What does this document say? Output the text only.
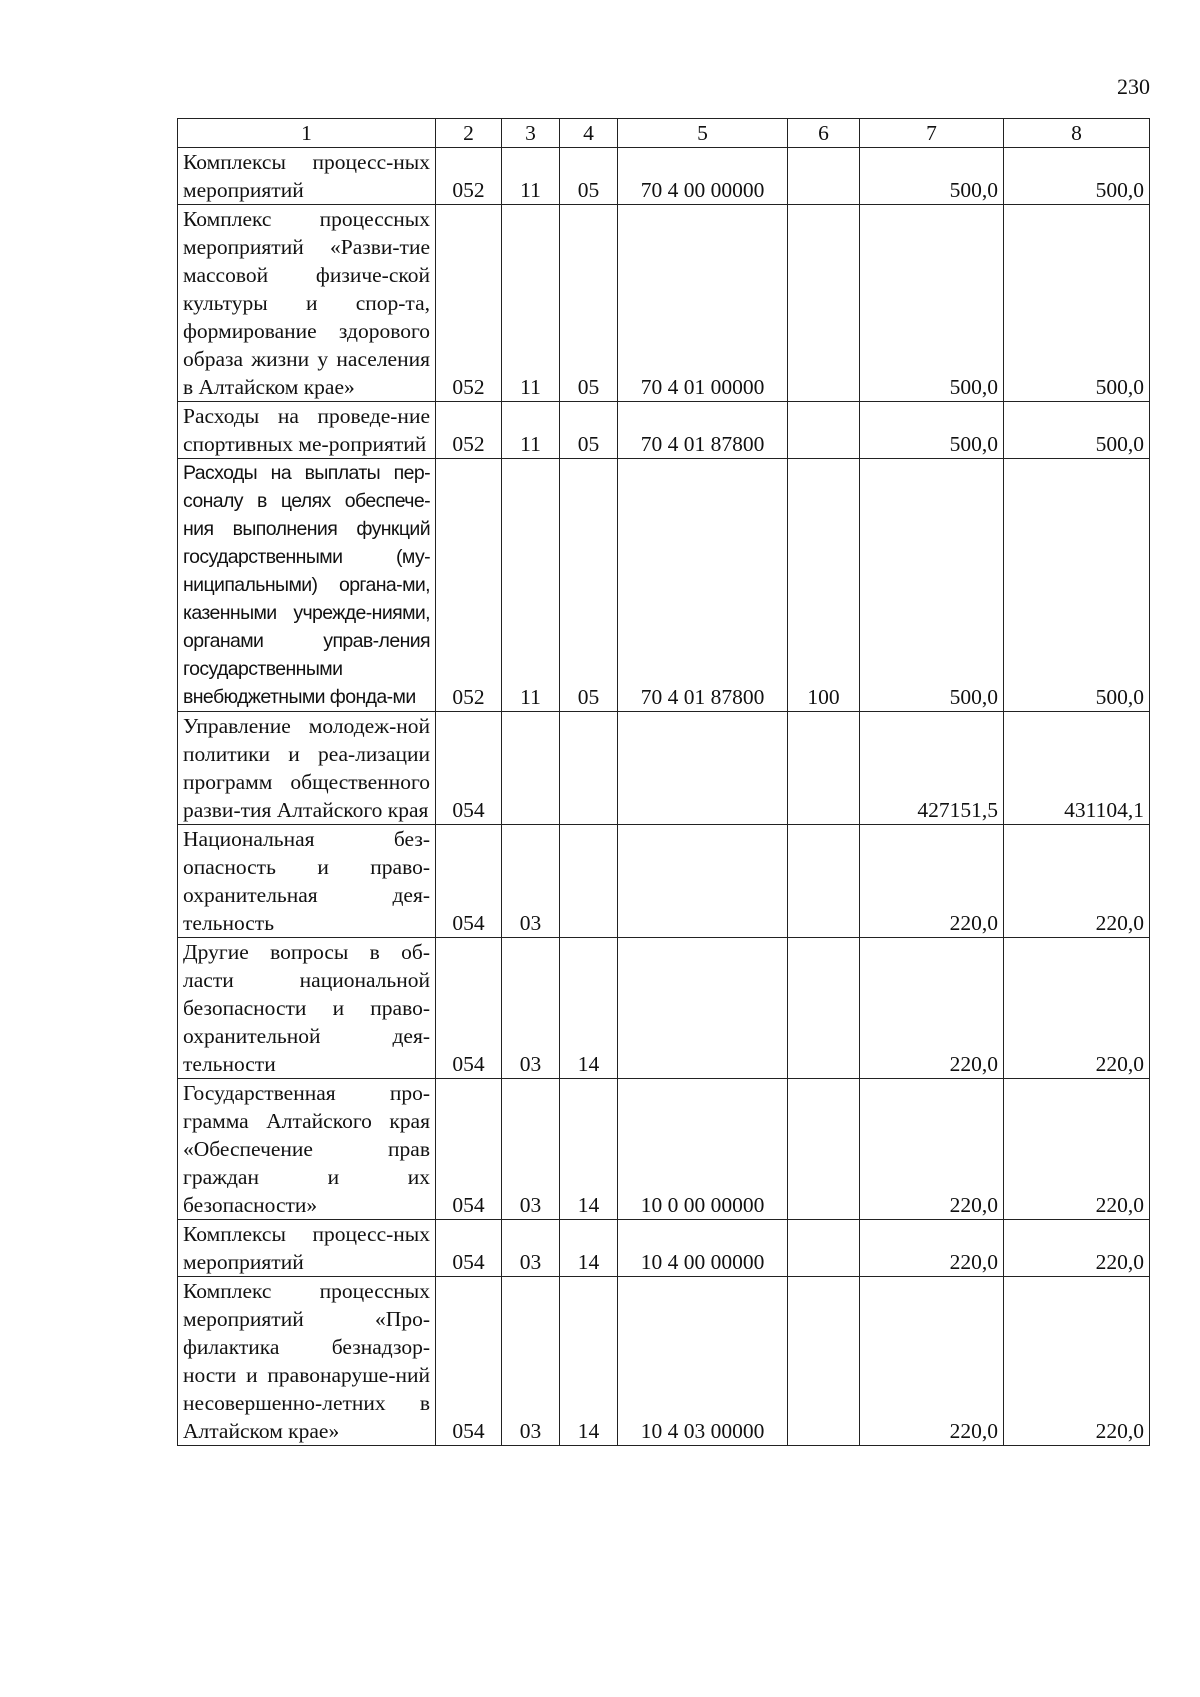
230
1	2	3	4	5	6	7	8
Комплексы процесс-ных мероприятий	052	11	05	70 4 00 00000		500,0	500,0
Комплекс процессных мероприятий «Разви-тие массовой физиче-ской культуры и спор-та, формирование здорового образа жизни у населения в Алтайском крае»	052	11	05	70 4 01 00000		500,0	500,0
Расходы на проведе-ние спортивных ме-роприятий	052	11	05	70 4 01 87800		500,0	500,0
Расходы на выплаты пер-соналу в целях обеспече-ния выполнения функций государственными (му-ниципальными) органа-ми, казенными учрежде-ниями, органами управ-ления государственными внебюджетными фонда-ми	052	11	05	70 4 01 87800	100	500,0	500,0
Управление молодеж-ной политики и реа-лизации программ общественного разви-тия Алтайского края	054					427151,5	431104,1
Национальная без-опасность и право-охранительная дея-тельность	054	03				220,0	220,0
Другие вопросы в об-ласти национальной безопасности и право-охранительной дея-тельности	054	03	14			220,0	220,0
Государственная про-грамма Алтайского края «Обеспечение прав граждан и их безопасности»	054	03	14	10 0 00 00000		220,0	220,0
Комплексы процесс-ных мероприятий	054	03	14	10 4 00 00000		220,0	220,0
Комплекс процессных мероприятий «Про-филактика безнадзор-ности и правонаруше-ний несовершенно-летних в Алтайском крае»	054	03	14	10 4 03 00000		220,0	220,0
